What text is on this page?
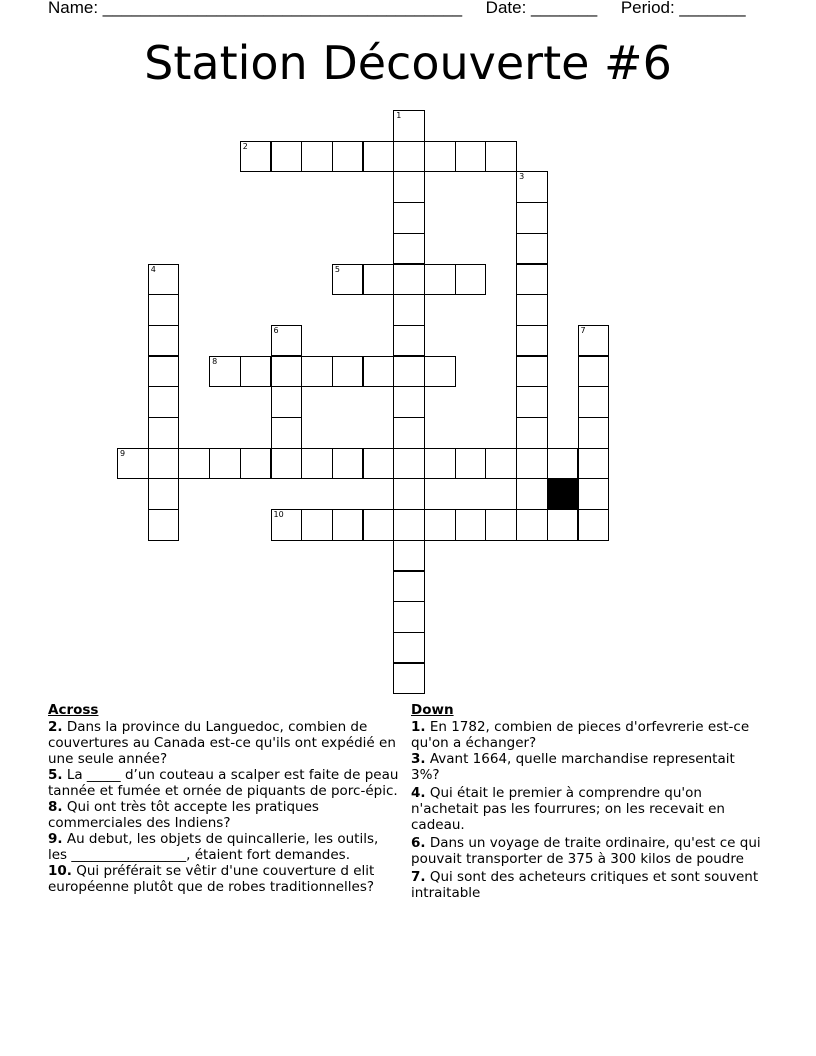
Name: ______________________________________     Date: _______     Period: _______
Station Découverte #6
1
2
3
4	5
6	7
8
9
10
Across
2. Dans la province du Languedoc, combien de couvertures au Canada est-ce qu'ils ont expédié en une seule année?
5. La _____ d’un couteau a scalper est faite de peau tannée et fumée et ornée de piquants de porc-épic.
8. Qui ont très tôt accepte les pratiques commerciales des Indiens?
9. Au debut, les objets de quincallerie, les outils, les _________________, étaient fort demandes.
10. Qui préférait se vêtir d'une couverture d elit européenne plutôt que de robes traditionnelles?
Down
1. En 1782, combien de pieces d'orfevrerie est-ce qu'on a échanger?
3. Avant 1664, quelle marchandise representait 3%?
4. Qui était le premier à comprendre qu'on n'achetait pas les fourrures; on les recevait en cadeau.
6. Dans un voyage de traite ordinaire, qu'est ce qui pouvait transporter de 375 à 300 kilos de poudre
7. Qui sont des acheteurs critiques et sont souvent intraitable
